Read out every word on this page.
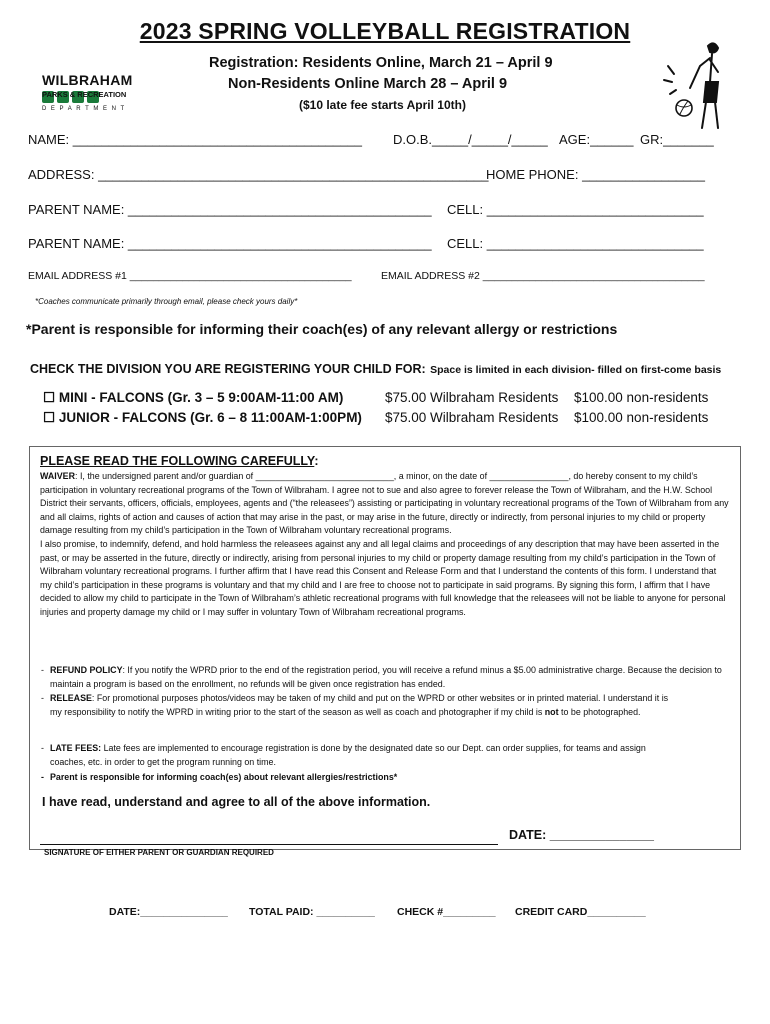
2023 SPRING VOLLEYBALL REGISTRATION
WILBRAHAM
PARKS & RECREATION
DEPARTMENT
Registration: Residents Online, March 21 – April 9
Non-Residents Online March 28 – April 9
($10 late fee starts April 10th)
NAME: ________________________________________ D.O.B._____/_____/_____ AGE:______ GR:_______
ADDRESS: ______________________________________________________
HOME PHONE: _________________
PARENT NAME: __________________________________________ CELL: ______________________________
PARENT NAME: __________________________________________ CELL: ______________________________
EMAIL ADDRESS #1 ______________________________________	EMAIL ADDRESS #2 ______________________________________
*Coaches communicate primarily through email, please check yours daily*
*Parent is responsible for informing their coach(es) of any relevant allergy or restrictions
CHECK THE DIVISION YOU ARE REGISTERING YOUR CHILD FOR: Space is limited in each division- filled on first-come basis
☐ MINI - FALCONS (Gr. 3 – 5 9:00AM-11:00 AM)	$75.00 Wilbraham Residents $100.00 non-residents
☐ JUNIOR - FALCONS (Gr. 6 – 8 11:00AM-1:00PM) $75.00 Wilbraham Residents $100.00 non-residents
PLEASE READ THE FOLLOWING CAREFULLY:

WAIVER: I, the undersigned parent and/or guardian of ____________________________, a minor, on the date of ________________, do hereby consent to my child’s participation in voluntary recreational programs of the Town of Wilbraham. I agree not to sue and also agree to forever release the Town of Wilbraham, and the H.W. School District their servants, officers, officials, employees, agents and (“the releasees”) assisting or participating in voluntary recreational programs of the Town of Wilbraham from any and all claims, rights of action and causes of action that may arise in the past, or may arise in the future, directly or indirectly, from personal injuries to my child or property damage resulting from my child’s participation in the Town of Wilbraham voluntary recreational programs.

I also promise, to indemnify, defend, and hold harmless the releasees against any and all legal claims and proceedings of any description that may have been asserted in the past, or may be asserted in the future, directly or indirectly, arising from personal injuries to my child or property damage resulting from my child’s participation in the Town of Wilbraham voluntary recreational programs. I further affirm that I have read this Consent and Release Form and that I understand the contents of this form. I understand that my child’s participation in these programs is voluntary and that my child and I are free to choose not to participate in said programs. By signing this form, I affirm that I have decided to allow my child to participate in the Town of Wilbraham’s athletic recreational programs with full knowledge that the releasees will not be liable to anyone for personal injuries and property damage my child or I may suffer in voluntary Town of Wilbraham recreational programs.

- REFUND POLICY: If you notify the WPRD prior to the end of the registration period, you will receive a refund minus a $5.00 administrative charge. Because the decision to maintain a program is based on the enrollment, no refunds will be given once registration has ended.
- RELEASE: For promotional purposes photos/videos may be taken of my child and put on the WPRD or other websites or in printed material. I understand it is my responsibility to notify the WPRD in writing prior to the start of the season as well as coach and photographer if my child is not to be photographed.
- LATE FEES: Late fees are implemented to encourage registration is done by the designated date so our Dept. can order supplies, for teams and assign coaches, etc. in order to get the program running on time.
- Parent is responsible for informing coach(es) about relevant allergies/restrictions*
I have read, understand and agree to all of the above information.
DATE: _______________
SIGNATURE OF EITHER PARENT OR GUARDIAN REQUIRED
DATE:_______________ TOTAL PAID: __________ CHECK #_________ CREDIT CARD__________
